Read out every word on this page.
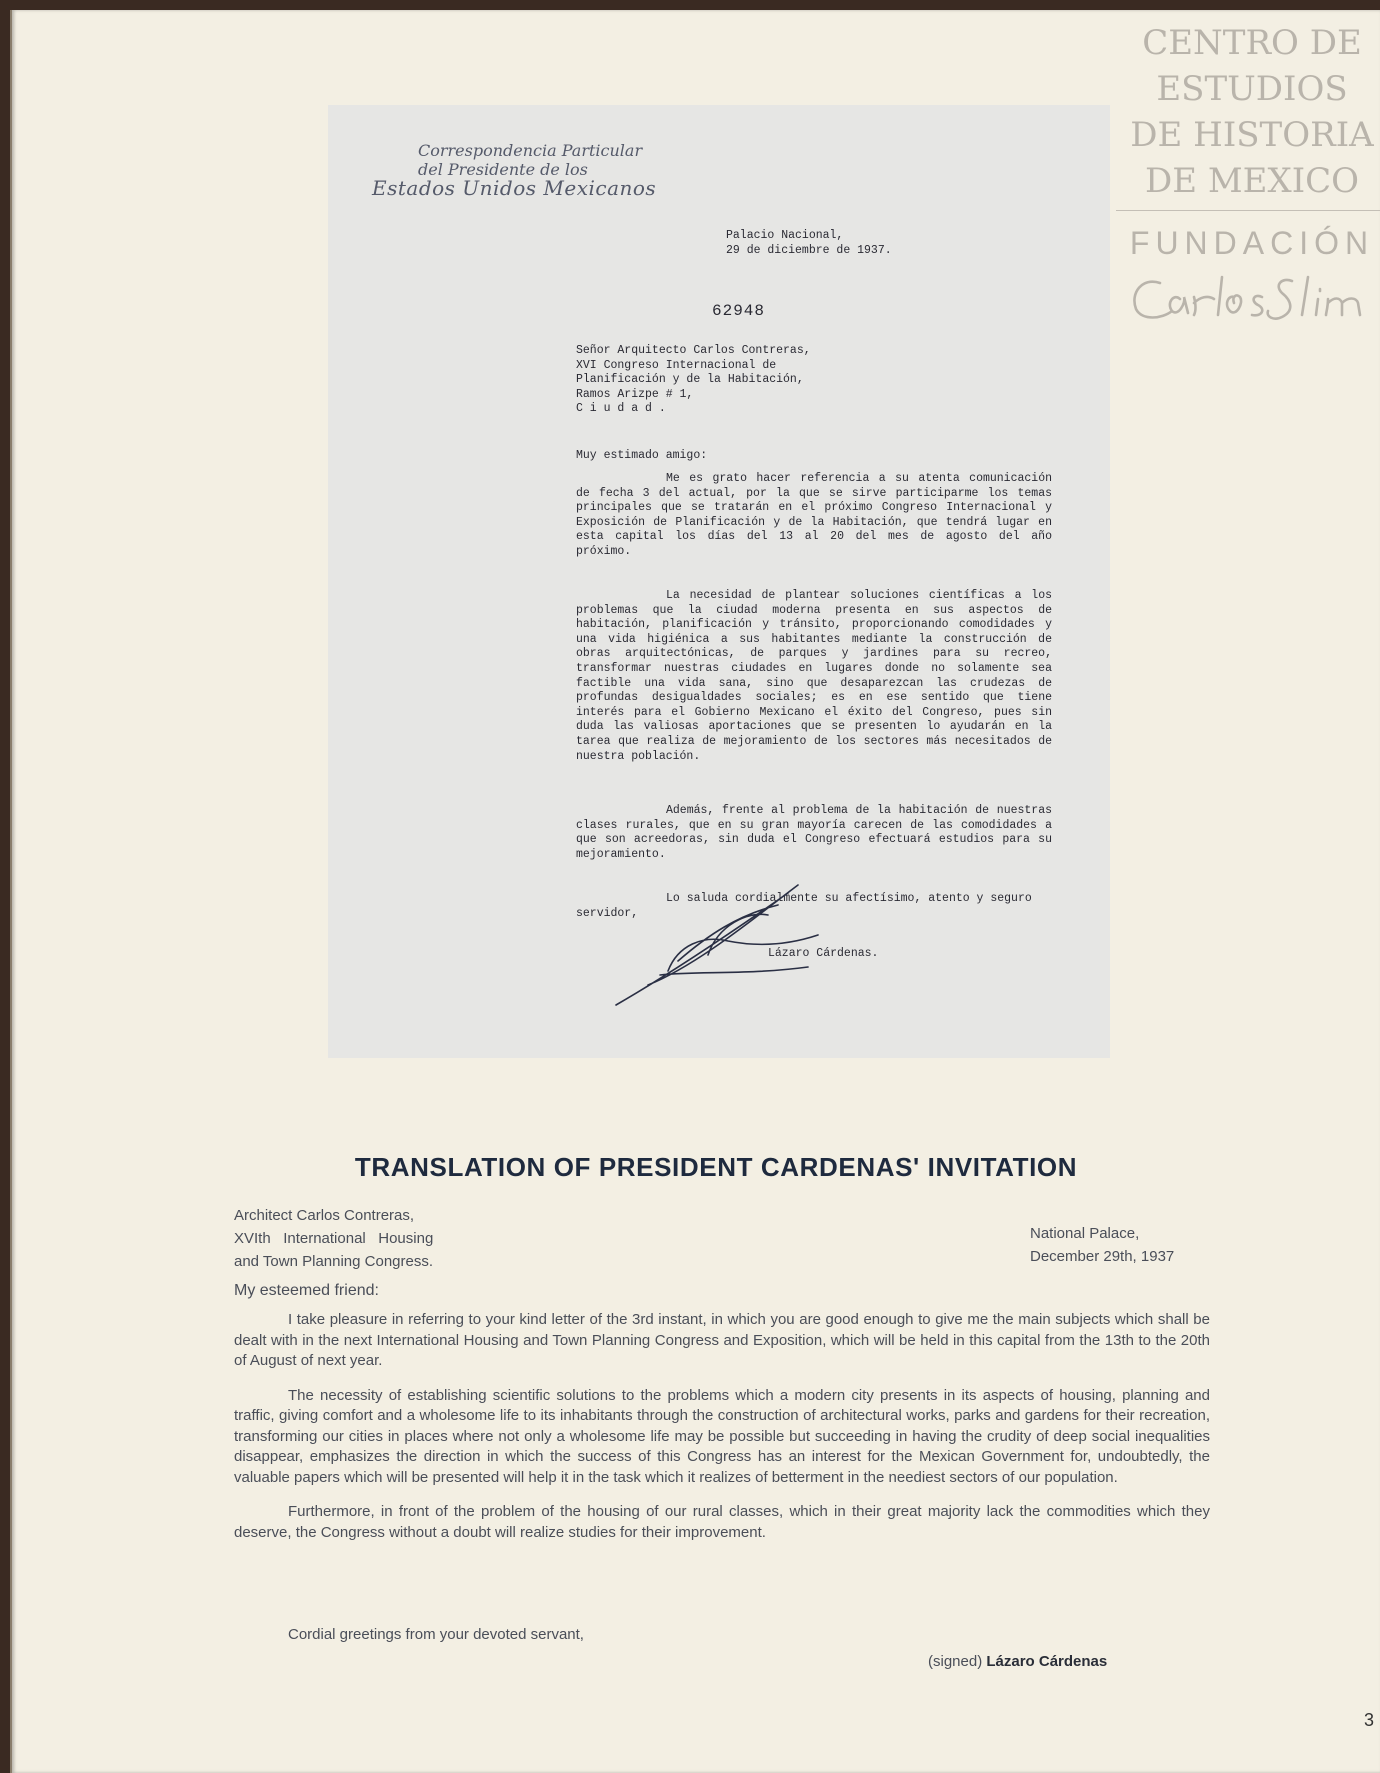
Correspondencia Particular
del Presidente de los
Estados Unidos Mexicanos
Palacio Nacional,
29 de diciembre de 1937.
62948
Señor Arquitecto Carlos Contreras,
XVI Congreso Internacional de
Planificación y de la Habitación,
Ramos Arizpe # 1,
C i u d a d .
Muy estimado amigo:

Me es grato hacer referencia a su atenta comunicación de fecha 3 del actual, por la que se sirve participarme los temas principales que se tratarán en el próximo Congreso Internacional y Exposición de Planificación y de la Habitación, que tendrá lugar en esta capital los días del 13 al 20 del mes de agosto del año próximo.

La necesidad de plantear soluciones científicas a los problemas que la ciudad moderna presenta en sus aspectos de habitación, planificación y tránsito, proporcionando comodidades y una vida higiénica a sus habitantes mediante la construcción de obras arquitectónicas, de parques y jardines para su recreo, transformar nuestras ciudades en lugares donde no solamente sea factible una vida sana, sino que desaparezcan las crudezas de profundas desigualdades sociales; es en ese sentido que tiene interés para el Gobierno Mexicano el éxito del Congreso, pues sin duda las valiosas aportaciones que se presenten lo ayudarán en la tarea que realiza de mejoramiento de los sectores más necesitados de nuestra población.

Además, frente al problema de la habitación de nuestras clases rurales, que en su gran mayoría carecen de las comodidades a que son acreedoras, sin duda el Congreso efectuará estudios para su mejoramiento.

Lo saluda cordialmente su afectísimo, atento y seguro servidor,
Lázaro Cárdenas.
CENTRO DE
ESTUDIOS
DE HISTORIA
DE MEXICO
FUNDACIÓN
TRANSLATION OF PRESIDENT CARDENAS' INVITATION
Architect Carlos Contreras,
XVIth   International   Housing
and Town Planning Congress.
National Palace,
December 29th, 1937
My esteemed friend:

I take pleasure in referring to your kind letter of the 3rd instant, in which you are good enough to give me the main subjects which shall be dealt with in the next International Housing and Town Planning Congress and Exposition, which will be held in this capital from the 13th to the 20th of August of next year.

The necessity of establishing scientific solutions to the problems which a modern city presents in its aspects of housing, planning and traffic, giving comfort and a wholesome life to its inhabitants through the construction of architectural works, parks and gardens for their recreation, transforming our cities in places where not only a wholesome life may be possible but succeeding in having the crudity of deep social inequalities disappear, emphasizes the direction in which the success of this Congress has an interest for the Mexican Government for, undoubtedly, the valuable papers which will be presented will help it in the task which it realizes of betterment in the neediest sectors of our population.

Furthermore, in front of the problem of the housing of our rural classes, which in their great majority lack the commodities which they deserve, the Congress without a doubt will realize studies for their improvement.

Cordial greetings from your devoted servant,
(signed) Lázaro Cárdenas
3
